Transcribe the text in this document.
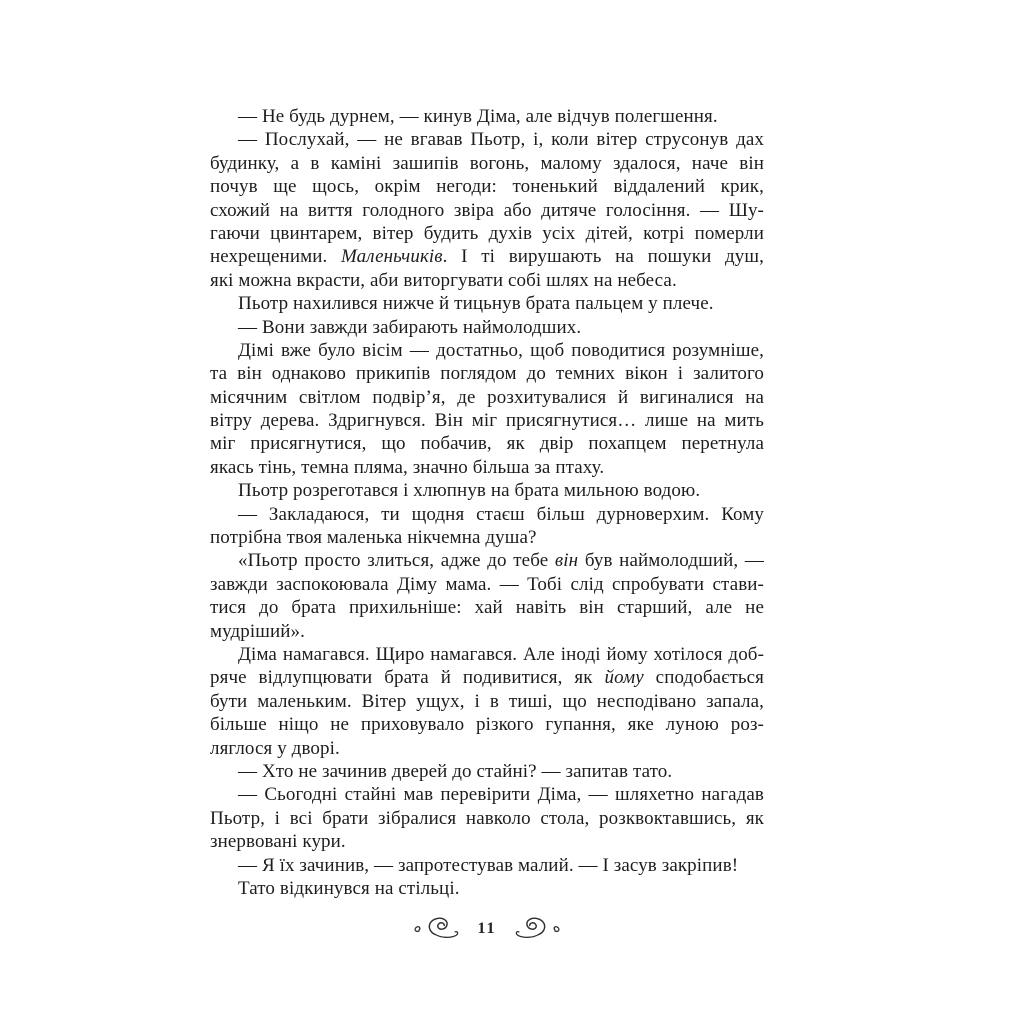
— Не будь дурнем, — кинув Діма, але відчув полегшення.
— Послухай, — не вгавав Пьотр, і, коли вітер струсонув дах
будинку, а в каміні зашипів вогонь, малому здалося, наче він
почув ще щось, окрім негоди: тоненький віддалений крик,
схожий на виття голодного звіра або дитяче голосіння. — Шу-
гаючи цвинтарем, вітер будить духів усіх дітей, котрі померли
нехрещеними. Маленьчиків. І ті вирушають на пошуки душ,
які можна вкрасти, аби виторгувати собі шлях на небеса.
Пьотр нахилився нижче й тицьнув брата пальцем у плече.
— Вони завжди забирають наймолодших.
Дімі вже було вісім — достатньо, щоб поводитися розумніше,
та він однаково прикипів поглядом до темних вікон і залитого
місячним світлом подвір’я, де розхитувалися й вигиналися на
вітру дерева. Здригнувся. Він міг присягнутися… лише на мить
міг присягнутися, що побачив, як двір похапцем перетнула
якась тінь, темна пляма, значно більша за птаху.
Пьотр розреготався і хлюпнув на брата мильною водою.
— Закладаюся, ти щодня стаєш більш дурноверхим. Кому
потрібна твоя маленька нікчемна душа?
«Пьотр просто злиться, адже до тебе він був наймолодший, —
завжди заспокоювала Діму мама. — Тобі слід спробувати стави-
тися до брата прихильніше: хай навіть він старший, але не
мудріший».
Діма намагався. Щиро намагався. Але іноді йому хотілося доб-
ряче відлупцювати брата й подивитися, як йому сподобається
бути маленьким. Вітер ущух, і в тиші, що несподівано запала,
більше ніщо не приховувало різкого гупання, яке луною роз-
ляглося у дворі.
— Хто не зачинив дверей до стайні? — запитав тато.
— Сьогодні стайні мав перевірити Діма, — шляхетно нагадав
Пьотр, і всі брати зібралися навколо стола, розквоктавшись, як
знервовані кури.
— Я їх зачинив, — запротестував малий. — І засув закріпив!
Тато відкинувся на стільці.
11
